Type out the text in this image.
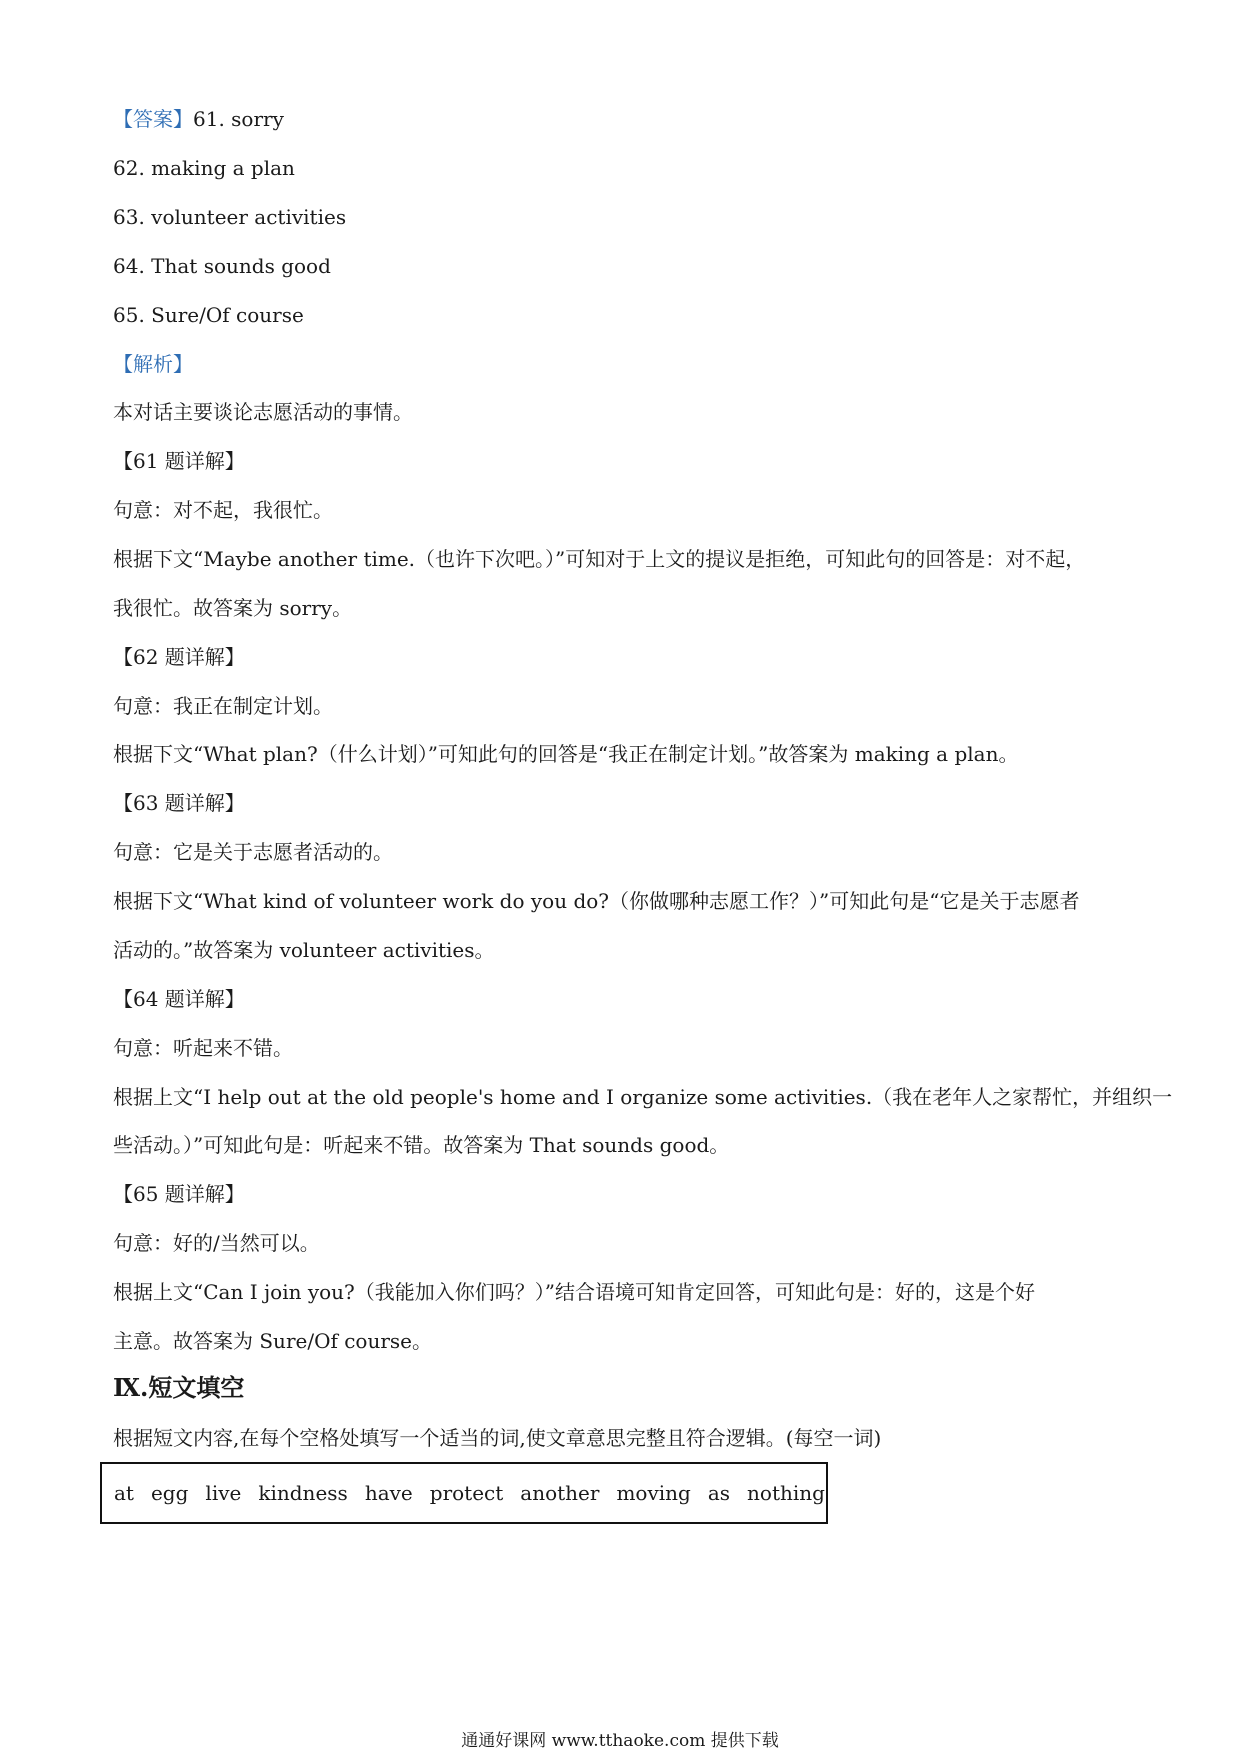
【答案】61. sorry
62. making a plan
63. volunteer activities
64. That sounds good
65. Sure/Of course
【解析】
本对话主要谈论志愿活动的事情。
【61 题详解】
句意：对不起，我很忙。
根据下文“Maybe another time.（也许下次吧。）”可知对于上文的提议是拒绝，可知此句的回答是：对不起，
我很忙。故答案为 sorry。
【62 题详解】
句意：我正在制定计划。
根据下文“What plan?（什么计划）”可知此句的回答是“我正在制定计划。”故答案为 making a plan。
【63 题详解】
句意：它是关于志愿者活动的。
根据下文“What kind of volunteer work do you do?（你做哪种志愿工作？）”可知此句是“它是关于志愿者
活动的。”故答案为 volunteer activities。
【64 题详解】
句意：听起来不错。
根据上文“I help out at the old people's home and I organize some activities.（我在老年人之家帮忙，并组织一
些活动。）”可知此句是：听起来不错。故答案为 That sounds good。
【65 题详解】
句意：好的/当然可以。
根据上文“Can I join you?（我能加入你们吗？）”结合语境可知肯定回答，可知此句是：好的，这是个好
主意。故答案为 Sure/Of course。
Ⅸ.短文填空
根据短文内容,在每个空格处填写一个适当的词,使文章意思完整且符合逻辑。(每空一词)
at egg live kindness have protect another moving as nothing
通通好课网 www.tthaoke.com 提供下载
